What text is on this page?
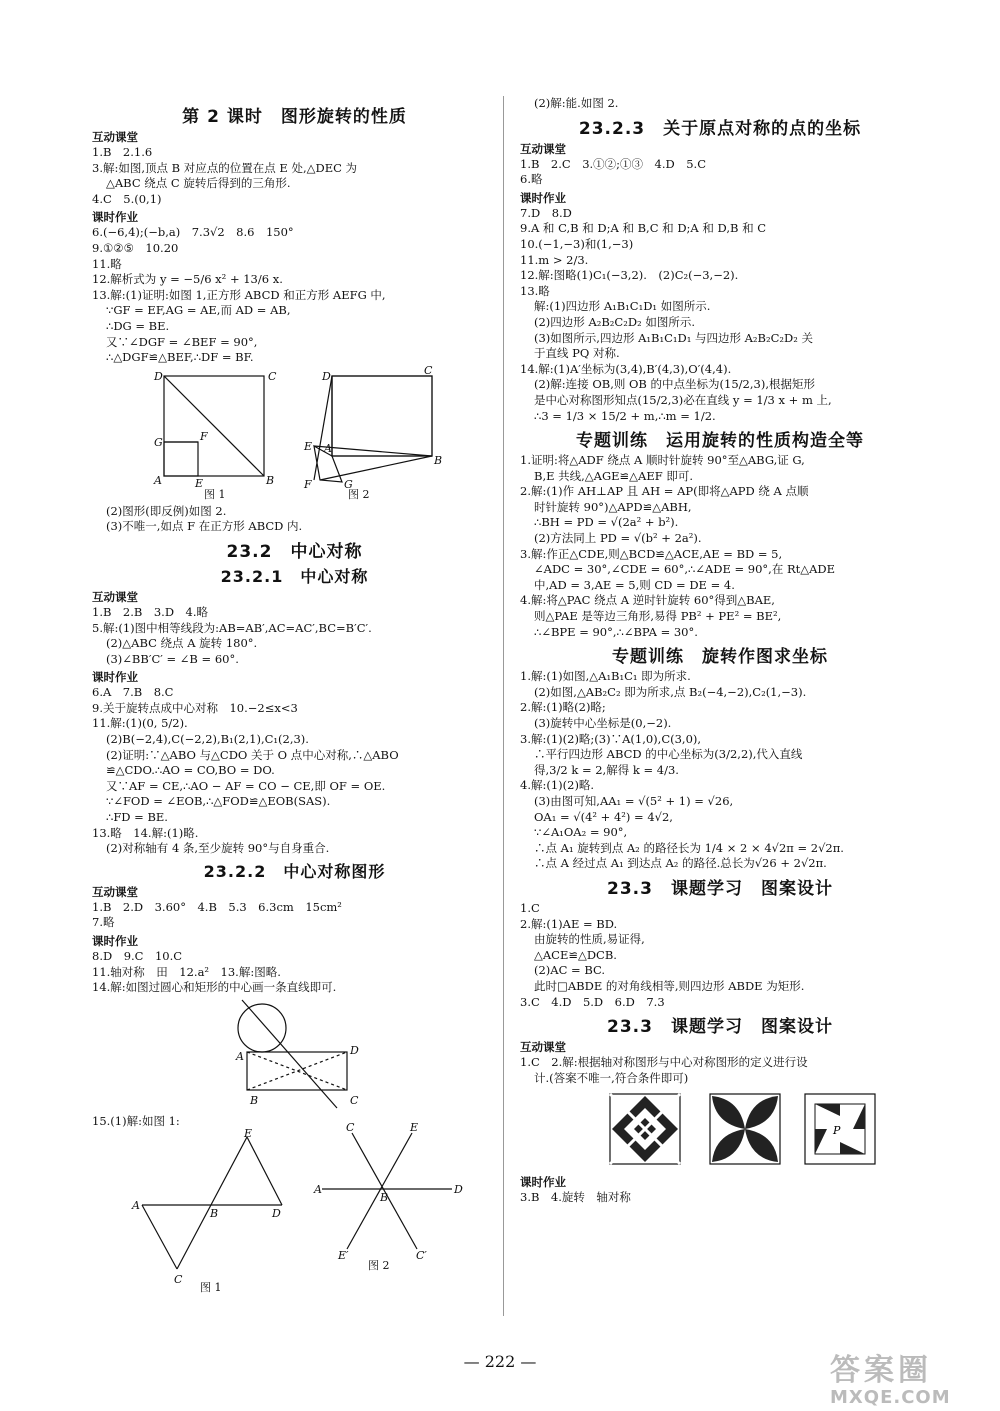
第 2 课时　图形旋转的性质
互动课堂

1.B　2.1.6

3.解:如图,顶点 B 对应点的位置在点 E 处,△DEC 为

△ABC 绕点 C 旋转后得到的三角形.

4.C　5.(0,1)

课时作业

6.(−6,4);(−b,a)　7.3√2　8.6　150°

9.①②⑤　10.20

11.略

12.解析式为 y = −5/6 x² + 13/6 x.

13.解:(1)证明:如图 1,正方形 ABCD 和正方形 AEFG 中,

∵GF = EF,AG = AE,而 AD = AB,

∴DG = BE.

又∵∠DGF = ∠BEF = 90°,

∴△DGF≌△BEF,∴DF = BF.

D	C
G	F
A	E	B
图 1
D	C
E A
B
F	G
图 2

(2)图形(即反例)如图 2.

(3)不唯一,如点 F 在正方形 ABCD 内.

23.2　中心对称
23.2.1　中心对称
互动课堂

1.B　2.B　3.D　4.略

5.解:(1)图中相等线段为:AB=AB′,AC=AC′,BC=B′C′.

(2)△ABC 绕点 A 旋转 180°.

(3)∠BB′C′ = ∠B = 60°.

课时作业

6.A　7.B　8.C

9.关于旋转点成中心对称　10.−2≤x<3

11.解:(1)(0, 5/2).

(2)B(−2,4),C(−2,2),B₁(2,1),C₁(2,3).

(2)证明:∵△ABO 与△CDO 关于 O 点中心对称,∴△ABO

≌△CDO.∴AO = CO,BO = DO.

又∵AF = CE,∴AO − AF = CO − CE,即 OF = OE.

∵∠FOD = ∠EOB,∴△FOD≌△EOB(SAS).

∴FD = BE.

13.略　14.解:(1)略.

(2)对称轴有 4 条,至少旋转 90°与自身重合.

23.2.2　中心对称图形
互动课堂

1.B　2.D　3.60°　4.B　5.3　6.3cm　15cm²

7.略

课时作业

8.D　9.C　10.C

11.轴对称　田　12.a²　13.解:图略.

14.解:如图过圆心和矩形的中心画一条直线即可.

A
B	C
D

15.(1)解:如图 1:

E
A
B	D
C
图 1
C	E
A
B
D
E′	C′
图 2

(2)解:能.如图 2.

23.2.3　关于原点对称的点的坐标
互动课堂

1.B　2.C　3.①②;①③　4.D　5.C

6.略

课时作业

7.D　8.D

9.A 和 C,B 和 D;A 和 B,C 和 D;A 和 D,B 和 C

10.(−1,−3)和(1,−3)

11.m > 2/3.

12.解:图略(1)C₁(−3,2).　(2)C₂(−3,−2).

13.略

解:(1)四边形 A₁B₁C₁D₁ 如图所示.

(2)四边形 A₂B₂C₂D₂ 如图所示.

(3)如图所示,四边形 A₁B₁C₁D₁ 与四边形 A₂B₂C₂D₂ 关

于直线 PQ 对称.

14.解:(1)A′坐标为(3,4),B′(4,3),O′(4,4).

(2)解:连接 OB,则 OB 的中点坐标为(15/2,3),根据矩形

是中心对称图形知点(15/2,3)必在直线 y = 1/3 x + m 上,

∴3 = 1/3 × 15/2 + m,∴m = 1/2.

专题训练　运用旋转的性质构造全等

1.证明:将△ADF 绕点 A 顺时针旋转 90°至△ABG,证 G,

B,E 共线,△AGE≌△AEF 即可.

2.解:(1)作 AH⊥AP 且 AH = AP(即将△APD 绕 A 点顺

时针旋转 90°)△APD≌△ABH,

∴BH = PD = √(2a² + b²).

(2)方法同上 PD = √(b² + 2a²).

3.解:作正△CDE,则△BCD≌△ACE,AE = BD = 5,

∠ADC = 30°,∠CDE = 60°,∴∠ADE = 90°,在 Rt△ADE

中,AD = 3,AE = 5,则 CD = DE = 4.

4.解:将△PAC 绕点 A 逆时针旋转 60°得到△BAE,

则△PAE 是等边三角形,易得 PB² + PE² = BE²,

∴∠BPE = 90°,∴∠BPA = 30°.

专题训练　旋转作图求坐标

1.解:(1)如图,△A₁B₁C₁ 即为所求.

(2)如图,△AB₂C₂ 即为所求,点 B₂(−4,−2),C₂(1,−3).

2.解:(1)略(2)略;

(3)旋转中心坐标是(0,−2).

3.解:(1)(2)略;(3)∵A(1,0),C(3,0),

∴平行四边形 ABCD 的中心坐标为(3/2,2),代入直线

得,3/2 k = 2,解得 k = 4/3.

4.解:(1)(2)略.

(3)由图可知,AA₁ = √(5² + 1) = √26,

OA₁ = √(4² + 4²) = 4√2,

∵∠A₁OA₂ = 90°,

∴点 A₁ 旋转到点 A₂ 的路径长为 1/4 × 2 × 4√2π = 2√2π.

∴点 A 经过点 A₁ 到达点 A₂ 的路径.总长为√26 + 2√2π.

23.3　课题学习　图案设计

1.C

2.解:(1)AE = BD.

由旋转的性质,易证得,

△ACE≌△DCB.

(2)AC = BC.

此时□ABDE 的对角线相等,则四边形 ABDE 为矩形.

3.C　4.D　5.D　6.D　7.3

23.3　课题学习　图案设计
互动课堂

1.C　2.解:根据轴对称图形与中心对称图形的定义进行设

计.(答案不唯一,符合条件即可)

P
课时作业

3.B　4.旋转　轴对称

— 222 —	答案圈
MXQE.COM
